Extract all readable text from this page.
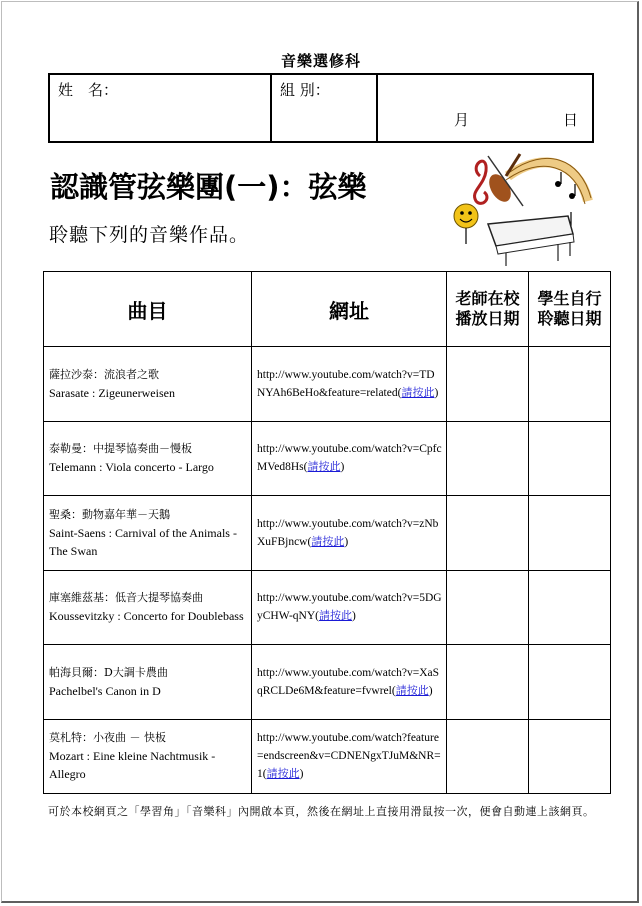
音樂選修科
姓　名：	組 別：	
月	日
認識管弦樂團(一)：弦樂
聆聽下列的音樂作品。
曲目	網址	老師在校播放日期	學生自行聆聽日期

薩拉沙泰：流浪者之歌
Sarasate : Zigeunerweisen	http://www.youtube.com/watch?v=TDNYAh6BeHo&feature=related(請按此)		

泰勒曼：中提琴協奏曲－慢板
Telemann : Viola concerto - Largo	http://www.youtube.com/watch?v=CpfcMVed8Hs(請按此)		

聖桑：動物嘉年華－天鵝
Saint-Saens : Carnival of the Animals - The Swan	http://www.youtube.com/watch?v=zNbXuFBjncw(請按此)		

庫塞維茲基：低音大提琴協奏曲
Koussevitzky : Concerto for Doublebass	http://www.youtube.com/watch?v=5DGyCHW-qNY(請按此)		

帕海貝爾：D大調卡農曲
Pachelbel's Canon in D	http://www.youtube.com/watch?v=XaSqRCLDe6M&feature=fvwrel(請按此)		

莫札特：小夜曲 － 快板
Mozart : Eine kleine Nachtmusik - Allegro	http://www.youtube.com/watch?feature=endscreen&v=CDNENgxTJuM&NR=1(請按此)		
可於本校網頁之「學習角」「音樂科」內開啟本頁，然後在網址上直接用滑鼠按一次，便會自動連上該網頁。
